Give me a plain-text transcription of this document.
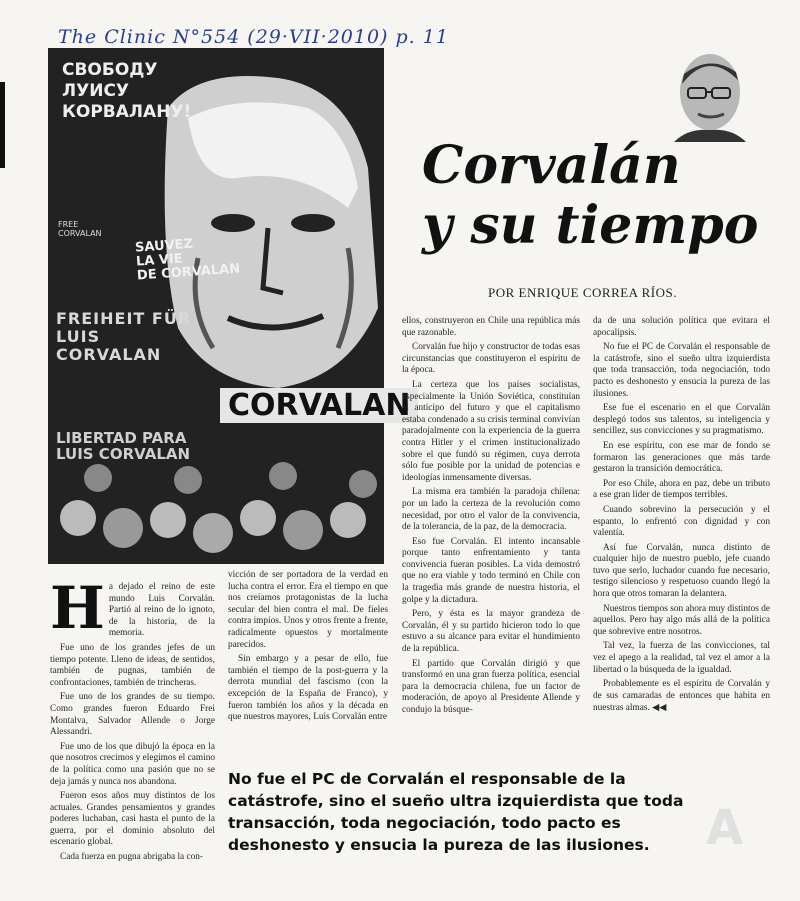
The Clinic N°554 (29·VII·2010) p. 11
СВОБОДУ
ЛУИСУ
КОРВАЛАНУ!
FREE
CORVALAN
SAUVEZ
LA VIE
DE CORVALAN
FREIHEIT FÜR
LUIS
CORVALAN
CORVALAN
LIBERTAD PARA
LUIS CORVALAN
Corvalán
y su tiempo
POR ENRIQUE CORREA RÍOS.
H a dejado el reino de este mundo Luis Corvalán. Partió al reino de lo ignoto, de la historia, de la memoria.

Fue uno de los grandes jefes de un tiempo potente. Lleno de ideas, de sentidos, también de pugnas, también de confrontaciones, también de trincheras.

Fue uno de los grandes de su tiempo. Como grandes fueron Eduardo Frei Montalva, Salvador Allende o Jorge Alessandri.

Fue uno de los que dibujó la época en la que nosotros crecimos y elegimos el camino de la política como una pasión que no se deja jamás y nunca nos abandona.

Fueron esos años muy distintos de los actuales. Grandes pensamientos y grandes poderes luchaban, casi hasta el punto de la guerra, por el dominio absoluto del escenario global.

Cada fuerza en pugna abrigaba la con-

vicción de ser portadora de la verdad en lucha contra el error. Era el tiempo en que nos creíamos protagonistas de la lucha secular del bien contra el mal. De fieles contra impíos. Unos y otros frente a frente, radicalmente opuestos y mortalmente parecidos.

Sin embargo y a pesar de ello, fue también el tiempo de la post-guerra y la derrota mundial del fascismo (con la excepción de la España de Franco), y fueron también los años y la década en que nuestros mayores, Luis Corvalán entre

ellos, construyeron en Chile una república más que razonable.

Corvalán fue hijo y constructor de todas esas circunstancias que constituyeron el espíritu de la época.

La certeza que los países socialistas, especialmente la Unión Soviética, constituían el anticipo del futuro y que el capitalismo estaba condenado a su crisis terminal convivían paradojalmente con la experiencia de la guerra contra Hitler y el crimen institucionalizado sobre el que fundó su régimen, cuya derrota sólo fue posible por la unidad de potencias e ideologías inmensamente diversas.

La misma era también la paradoja chilena: por un lado la certeza de la revolución como necesidad, por otro el valor de la convivencia, de la tolerancia, de la paz, de la democracia.

Eso fue Corvalán. El intento incansable porque tanto enfrentamiento y tanta convivencia fueran posibles. La vida demostró que no era viable y todo terminó en Chile con la tragedia más grande de nuestra historia, el golpe y la dictadura.

Pero, y ésta es la mayor grandeza de Corvalán, él y su partido hicieron todo lo que estuvo a su alcance para evitar el hundimiento de la república.

El partido que Corvalán dirigió y que transformó en una gran fuerza política, esencial para la democracia chilena, fue un factor de moderación, de apoyo al Presidente Allende y condujo la búsque-

da de una solución política que evitara el apocalipsis.

No fue el PC de Corvalán el responsable de la catástrofe, sino el sueño ultra izquierdista que toda transacción, toda negociación, todo pacto es deshonesto y ensucia la pureza de las ilusiones.

Ese fue el escenario en el que Corvalán desplegó todos sus talentos, su inteligencia y sencillez, sus convicciones y su pragmatismo.

En ese espíritu, con ese mar de fondo se formaron las generaciones que más tarde gestaron la transición democrática.

Por eso Chile, ahora en paz, debe un tributo a ese gran líder de tiempos terribles.

Cuando sobrevino la persecución y el espanto, lo enfrentó con dignidad y con valentía.

Así fue Corvalán, nunca distinto de cualquier hijo de nuestro pueblo, jefe cuando tuvo que serlo, luchador cuando fue necesario, testigo silencioso y respetuoso cuando llegó la hora que otros tomaran la delantera.

Nuestros tiempos son ahora muy distintos de aquellos. Pero hay algo más allá de la política que sobrevive entre nosotros.

Tal vez, la fuerza de las convicciones, tal vez el apego a la realidad, tal vez el amor a la libertad o la búsqueda de la igualdad.

Probablemente es el espíritu de Corvalán y de sus camaradas de entonces que habita en nuestras almas. ◀◀

A
No fue el PC de Corvalán el responsable de la catástrofe, sino el sueño ultra izquierdista que toda transacción, toda negociación, todo pacto es deshonesto y ensucia la pureza de las ilusiones.
